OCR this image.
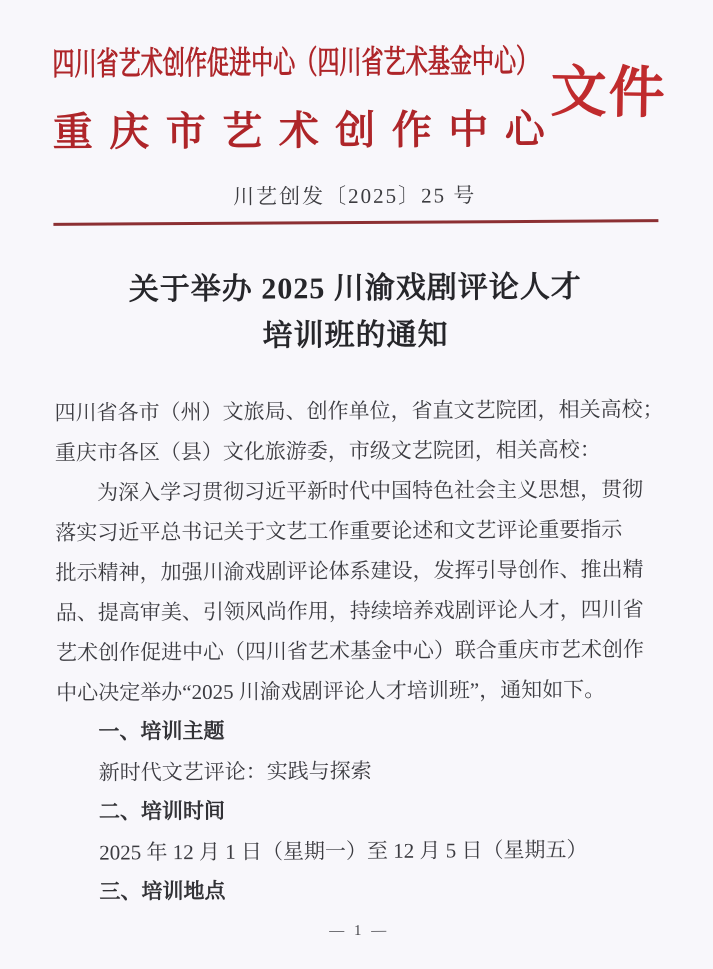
四川省艺术创作促进中心（四川省艺术基金中心）
重庆市艺术创作中心
文件
川艺创发〔2025〕25 号
关于举办 2025 川渝戏剧评论人才
培训班的通知
四川省各市（州）文旅局、创作单位，省直文艺院团，相关高校；
重庆市各区（县）文化旅游委，市级文艺院团，相关高校：
为深入学习贯彻习近平新时代中国特色社会主义思想，贯彻
落实习近平总书记关于文艺工作重要论述和文艺评论重要指示
批示精神，加强川渝戏剧评论体系建设，发挥引导创作、推出精
品、提高审美、引领风尚作用，持续培养戏剧评论人才，四川省
艺术创作促进中心（四川省艺术基金中心）联合重庆市艺术创作
中心决定举办“2025 川渝戏剧评论人才培训班”，通知如下。
一、培训主题
新时代文艺评论：实践与探索
二、培训时间
2025 年 12 月 1 日（星期一）至 12 月 5 日（星期五）
三、培训地点
— 1 —
